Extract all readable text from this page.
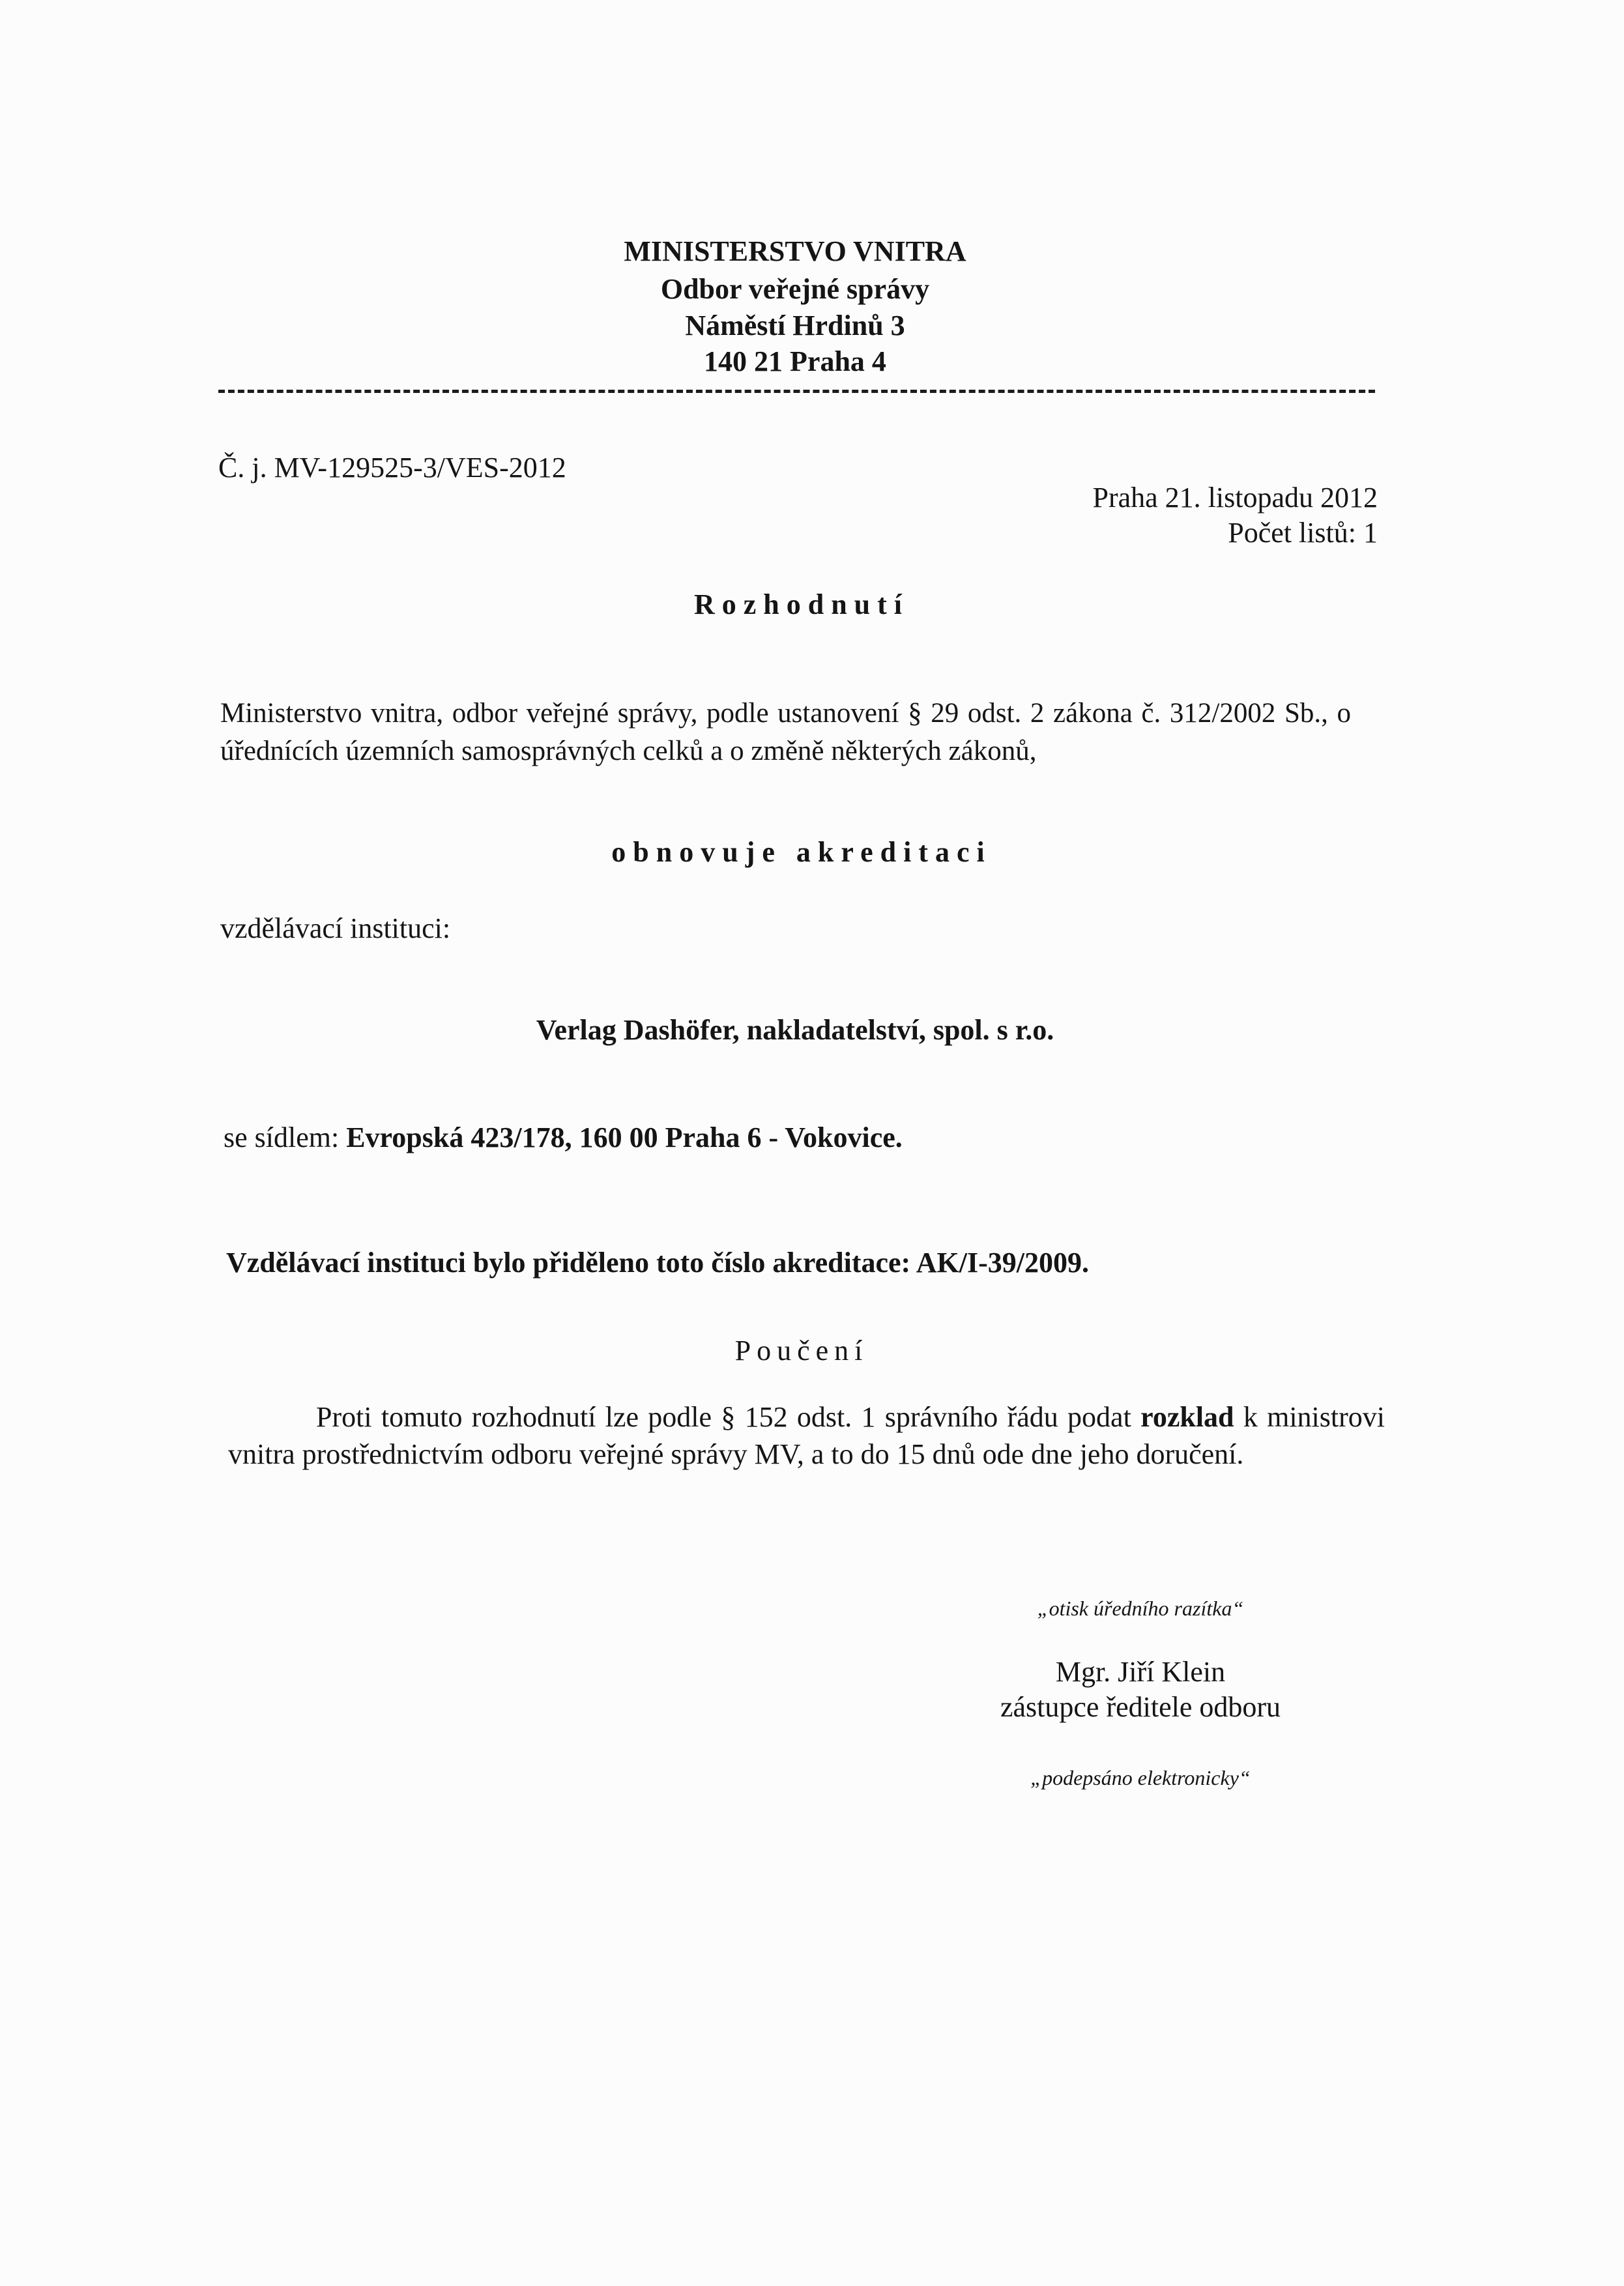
MINISTERSTVO VNITRA
Odbor veřejné správy
Náměstí Hrdinů 3
140 21 Praha 4
Č. j. MV-129525-3/VES-2012
Praha 21. listopadu 2012
Počet listů: 1
Rozhodnutí
Ministerstvo vnitra, odbor veřejné správy, podle ustanovení § 29 odst. 2 zákona č. 312/2002 Sb., o úřednících územních samosprávných celků a o změně některých zákonů,
obnovuje akreditaci
vzdělávací instituci:
Verlag Dashöfer, nakladatelství, spol. s r.o.
se sídlem: Evropská 423/178, 160 00 Praha 6 - Vokovice.
Vzdělávací instituci bylo přiděleno toto číslo akreditace: AK/I-39/2009.
Poučení
Proti tomuto rozhodnutí lze podle § 152 odst. 1 správního řádu podat rozklad k ministrovi vnitra prostřednictvím odboru veřejné správy MV, a to do 15 dnů ode dne jeho doručení.
„otisk úředního razítka“
Mgr. Jiří Klein
zástupce ředitele odboru
„podepsáno elektronicky“
